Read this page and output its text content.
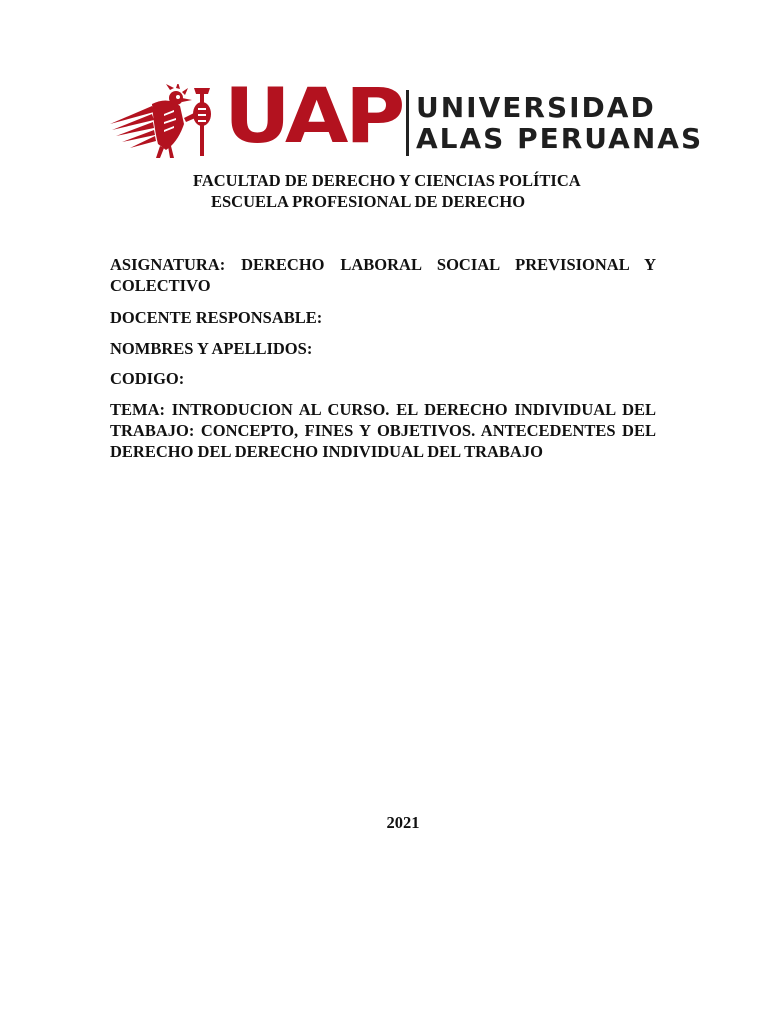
UAP UNIVERSIDAD
ALAS PERUANAS
FACULTAD DE DERECHO Y CIENCIAS POLÍTICA
ESCUELA PROFESIONAL DE DERECHO
ASIGNATURA: DERECHO LABORAL SOCIAL PREVISIONAL Y COLECTIVO
DOCENTE RESPONSABLE:
NOMBRES Y APELLIDOS:
CODIGO:
TEMA: INTRODUCION AL CURSO. EL DERECHO INDIVIDUAL DEL TRABAJO: CONCEPTO, FINES Y OBJETIVOS. ANTECEDENTES DEL DERECHO DEL DERECHO INDIVIDUAL DEL TRABAJO
2021
